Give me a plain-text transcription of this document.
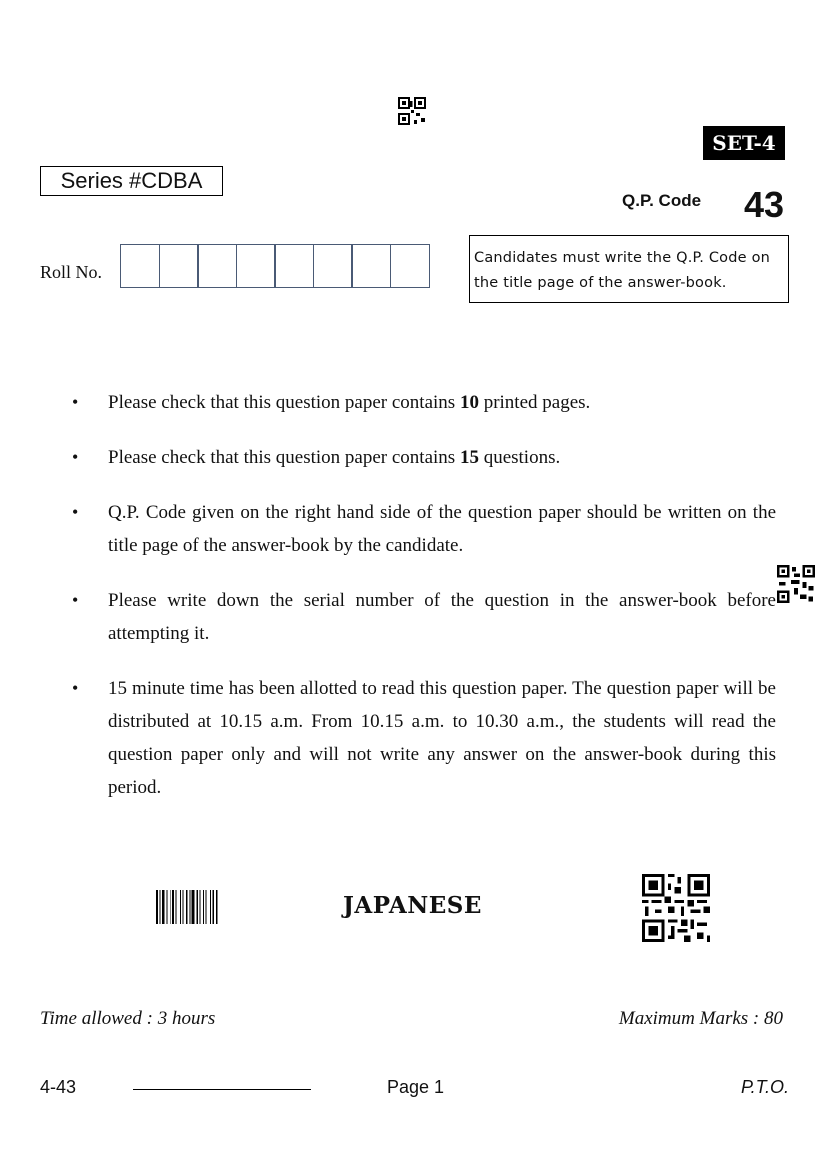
SET-4
Series #CDBA
Q.P. Code 43
Roll No.
Candidates must write the Q.P. Code on
the title page of the answer-book.
• Please check that this question paper contains 10 printed pages.
• Please check that this question paper contains 15 questions.
• Q.P. Code given on the right hand side of the question paper should be written on the title page of the answer-book by the candidate.
• Please write down the serial number of the question in the answer-book before attempting it.
• 15 minute time has been allotted to read this question paper. The question paper will be distributed at 10.15 a.m. From 10.15 a.m. to 10.30 a.m., the students will read the question paper only and will not write any answer on the answer-book during this period.
JAPANESE
Time allowed : 3 hours	Maximum Marks : 80
4-43	Page 1	P.T.O.
